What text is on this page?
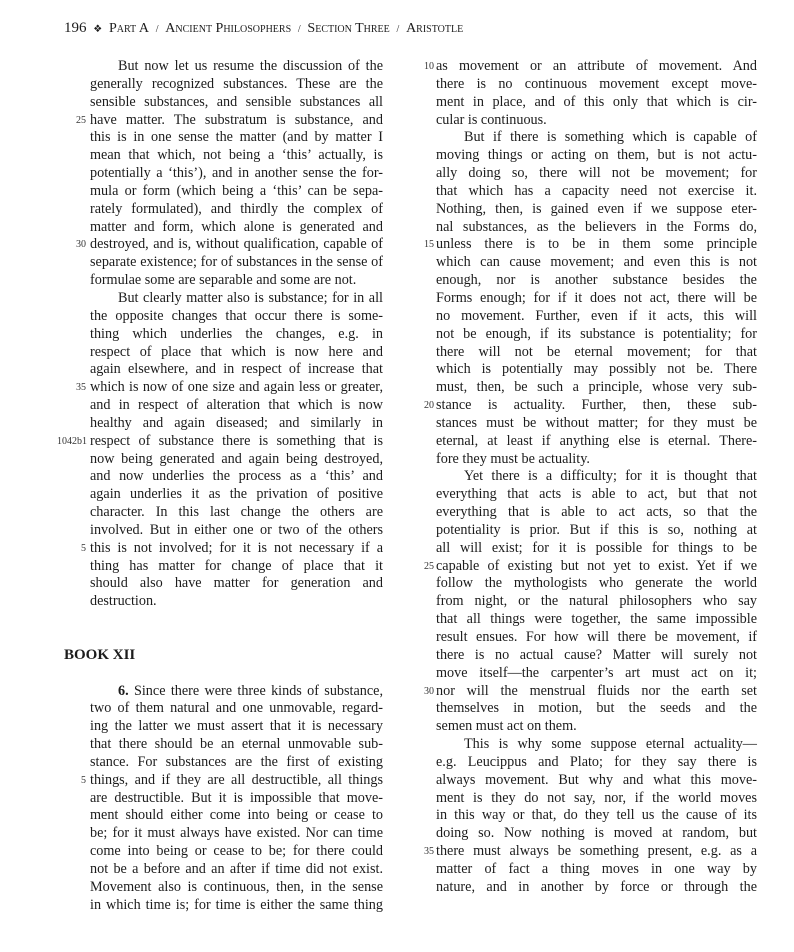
196 ❖ Part A / Ancient Philosophers / Section Three / Aristotle
But now let us resume the discussion of the
generally recognized substances. These are the
sensible substances, and sensible substances all
25 have matter. The substratum is substance, and
this is in one sense the matter (and by matter I
mean that which, not being a ‘this’ actually, is
potentially a ‘this’), and in another sense the for-
mula or form (which being a ‘this’ can be sepa-
rately formulated), and thirdly the complex of
matter and form, which alone is generated and
30 destroyed, and is, without qualification, capable of
separate existence; for of substances in the sense of
formulae some are separable and some are not.
But clearly matter also is substance; for in all
the opposite changes that occur there is some-
thing which underlies the changes, e.g. in
respect of place that which is now here and
again elsewhere, and in respect of increase that
35 which is now of one size and again less or greater,
and in respect of alteration that which is now
healthy and again diseased; and similarly in
1042b1 respect of substance there is something that is
now being generated and again being destroyed,
and now underlies the process as a ‘this’ and
again underlies it as the privation of positive
character. In this last change the others are
involved. But in either one or two of the others
5 this is not involved; for it is not necessary if a
thing has matter for change of place that it
should also have matter for generation and
destruction.
BOOK XII
6. Since there were three kinds of substance,
two of them natural and one unmovable, regard-
ing the latter we must assert that it is necessary
that there should be an eternal unmovable sub-
stance. For substances are the first of existing
5 things, and if they are all destructible, all things
are destructible. But it is impossible that move-
ment should either come into being or cease to
be; for it must always have existed. Nor can time
come into being or cease to be; for there could
not be a before and an after if time did not exist.
Movement also is continuous, then, in the sense
in which time is; for time is either the same thing
10 as movement or an attribute of movement. And
there is no continuous movement except move-
ment in place, and of this only that which is cir-
cular is continuous.
But if there is something which is capable of
moving things or acting on them, but is not actu-
ally doing so, there will not be movement; for
that which has a capacity need not exercise it.
Nothing, then, is gained even if we suppose eter-
nal substances, as the believers in the Forms do,
15 unless there is to be in them some principle
which can cause movement; and even this is not
enough, nor is another substance besides the
Forms enough; for if it does not act, there will be
no movement. Further, even if it acts, this will
not be enough, if its substance is potentiality; for
there will not be eternal movement; for that
which is potentially may possibly not be. There
must, then, be such a principle, whose very sub-
20 stance is actuality. Further, then, these sub-
stances must be without matter; for they must be
eternal, at least if anything else is eternal. There-
fore they must be actuality.
Yet there is a difficulty; for it is thought that
everything that acts is able to act, but that not
everything that is able to act acts, so that the
potentiality is prior. But if this is so, nothing at
all will exist; for it is possible for things to be
25 capable of existing but not yet to exist. Yet if we
follow the mythologists who generate the world
from night, or the natural philosophers who say
that all things were together, the same impossible
result ensues. For how will there be movement, if
there is no actual cause? Matter will surely not
move itself—the carpenter’s art must act on it;
30 nor will the menstrual fluids nor the earth set
themselves in motion, but the seeds and the
semen must act on them.
This is why some suppose eternal actuality—
e.g. Leucippus and Plato; for they say there is
always movement. But why and what this move-
ment is they do not say, nor, if the world moves
in this way or that, do they tell us the cause of its
doing so. Now nothing is moved at random, but
35 there must always be something present, e.g. as a
matter of fact a thing moves in one way by
nature, and in another by force or through the
